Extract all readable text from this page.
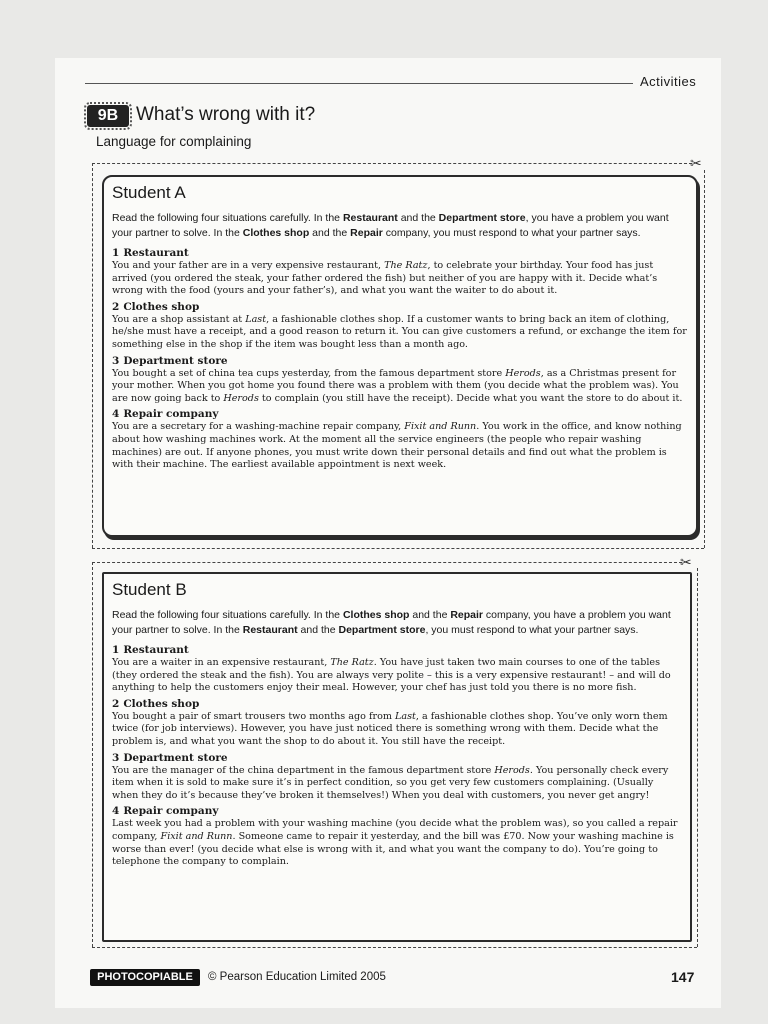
Activities
9B What’s wrong with it?
Language for complaining
✂
✂
Student A
Read the following four situations carefully. In the Restaurant and the Department store, you have a problem you want your partner to solve. In the Clothes shop and the Repair company, you must respond to what your partner says.
1 Restaurant
You and your father are in a very expensive restaurant, The Ratz, to celebrate your birthday. Your food has just arrived (you ordered the steak, your father ordered the fish) but neither of you are happy with it. Decide what’s wrong with the food (yours and your father’s), and what you want the waiter to do about it.
2 Clothes shop
You are a shop assistant at Last, a fashionable clothes shop. If a customer wants to bring back an item of clothing, he/she must have a receipt, and a good reason to return it. You can give customers a refund, or exchange the item for something else in the shop if the item was bought less than a month ago.
3 Department store
You bought a set of china tea cups yesterday, from the famous department store Herods, as a Christmas present for your mother. When you got home you found there was a problem with them (you decide what the problem was). You are now going back to Herods to complain (you still have the receipt). Decide what you want the store to do about it.
4 Repair company
You are a secretary for a washing-machine repair company, Fixit and Runn. You work in the office, and know nothing about how washing machines work. At the moment all the service engineers (the people who repair washing machines) are out. If anyone phones, you must write down their personal details and find out what the problem is with their machine. The earliest available appointment is next week.
Student B
Read the following four situations carefully. In the Clothes shop and the Repair company, you have a problem you want your partner to solve. In the Restaurant and the Department store, you must respond to what your partner says.
1 Restaurant
You are a waiter in an expensive restaurant, The Ratz. You have just taken two main courses to one of the tables (they ordered the steak and the fish). You are always very polite – this is a very expensive restaurant! – and will do anything to help the customers enjoy their meal. However, your chef has just told you there is no more fish.
2 Clothes shop
You bought a pair of smart trousers two months ago from Last, a fashionable clothes shop. You’ve only worn them twice (for job interviews). However, you have just noticed there is something wrong with them. Decide what the problem is, and what you want the shop to do about it. You still have the receipt.
3 Department store
You are the manager of the china department in the famous department store Herods. You personally check every item when it is sold to make sure it’s in perfect condition, so you get very few customers complaining. (Usually when they do it’s because they’ve broken it themselves!) When you deal with customers, you never get angry!
4 Repair company
Last week you had a problem with your washing machine (you decide what the problem was), so you called a repair company, Fixit and Runn. Someone came to repair it yesterday, and the bill was £70. Now your washing machine is worse than ever! (you decide what else is wrong with it, and what you want the company to do). You’re going to telephone the company to complain.
PHOTOCOPIABLE	© Pearson Education Limited 2005	147
